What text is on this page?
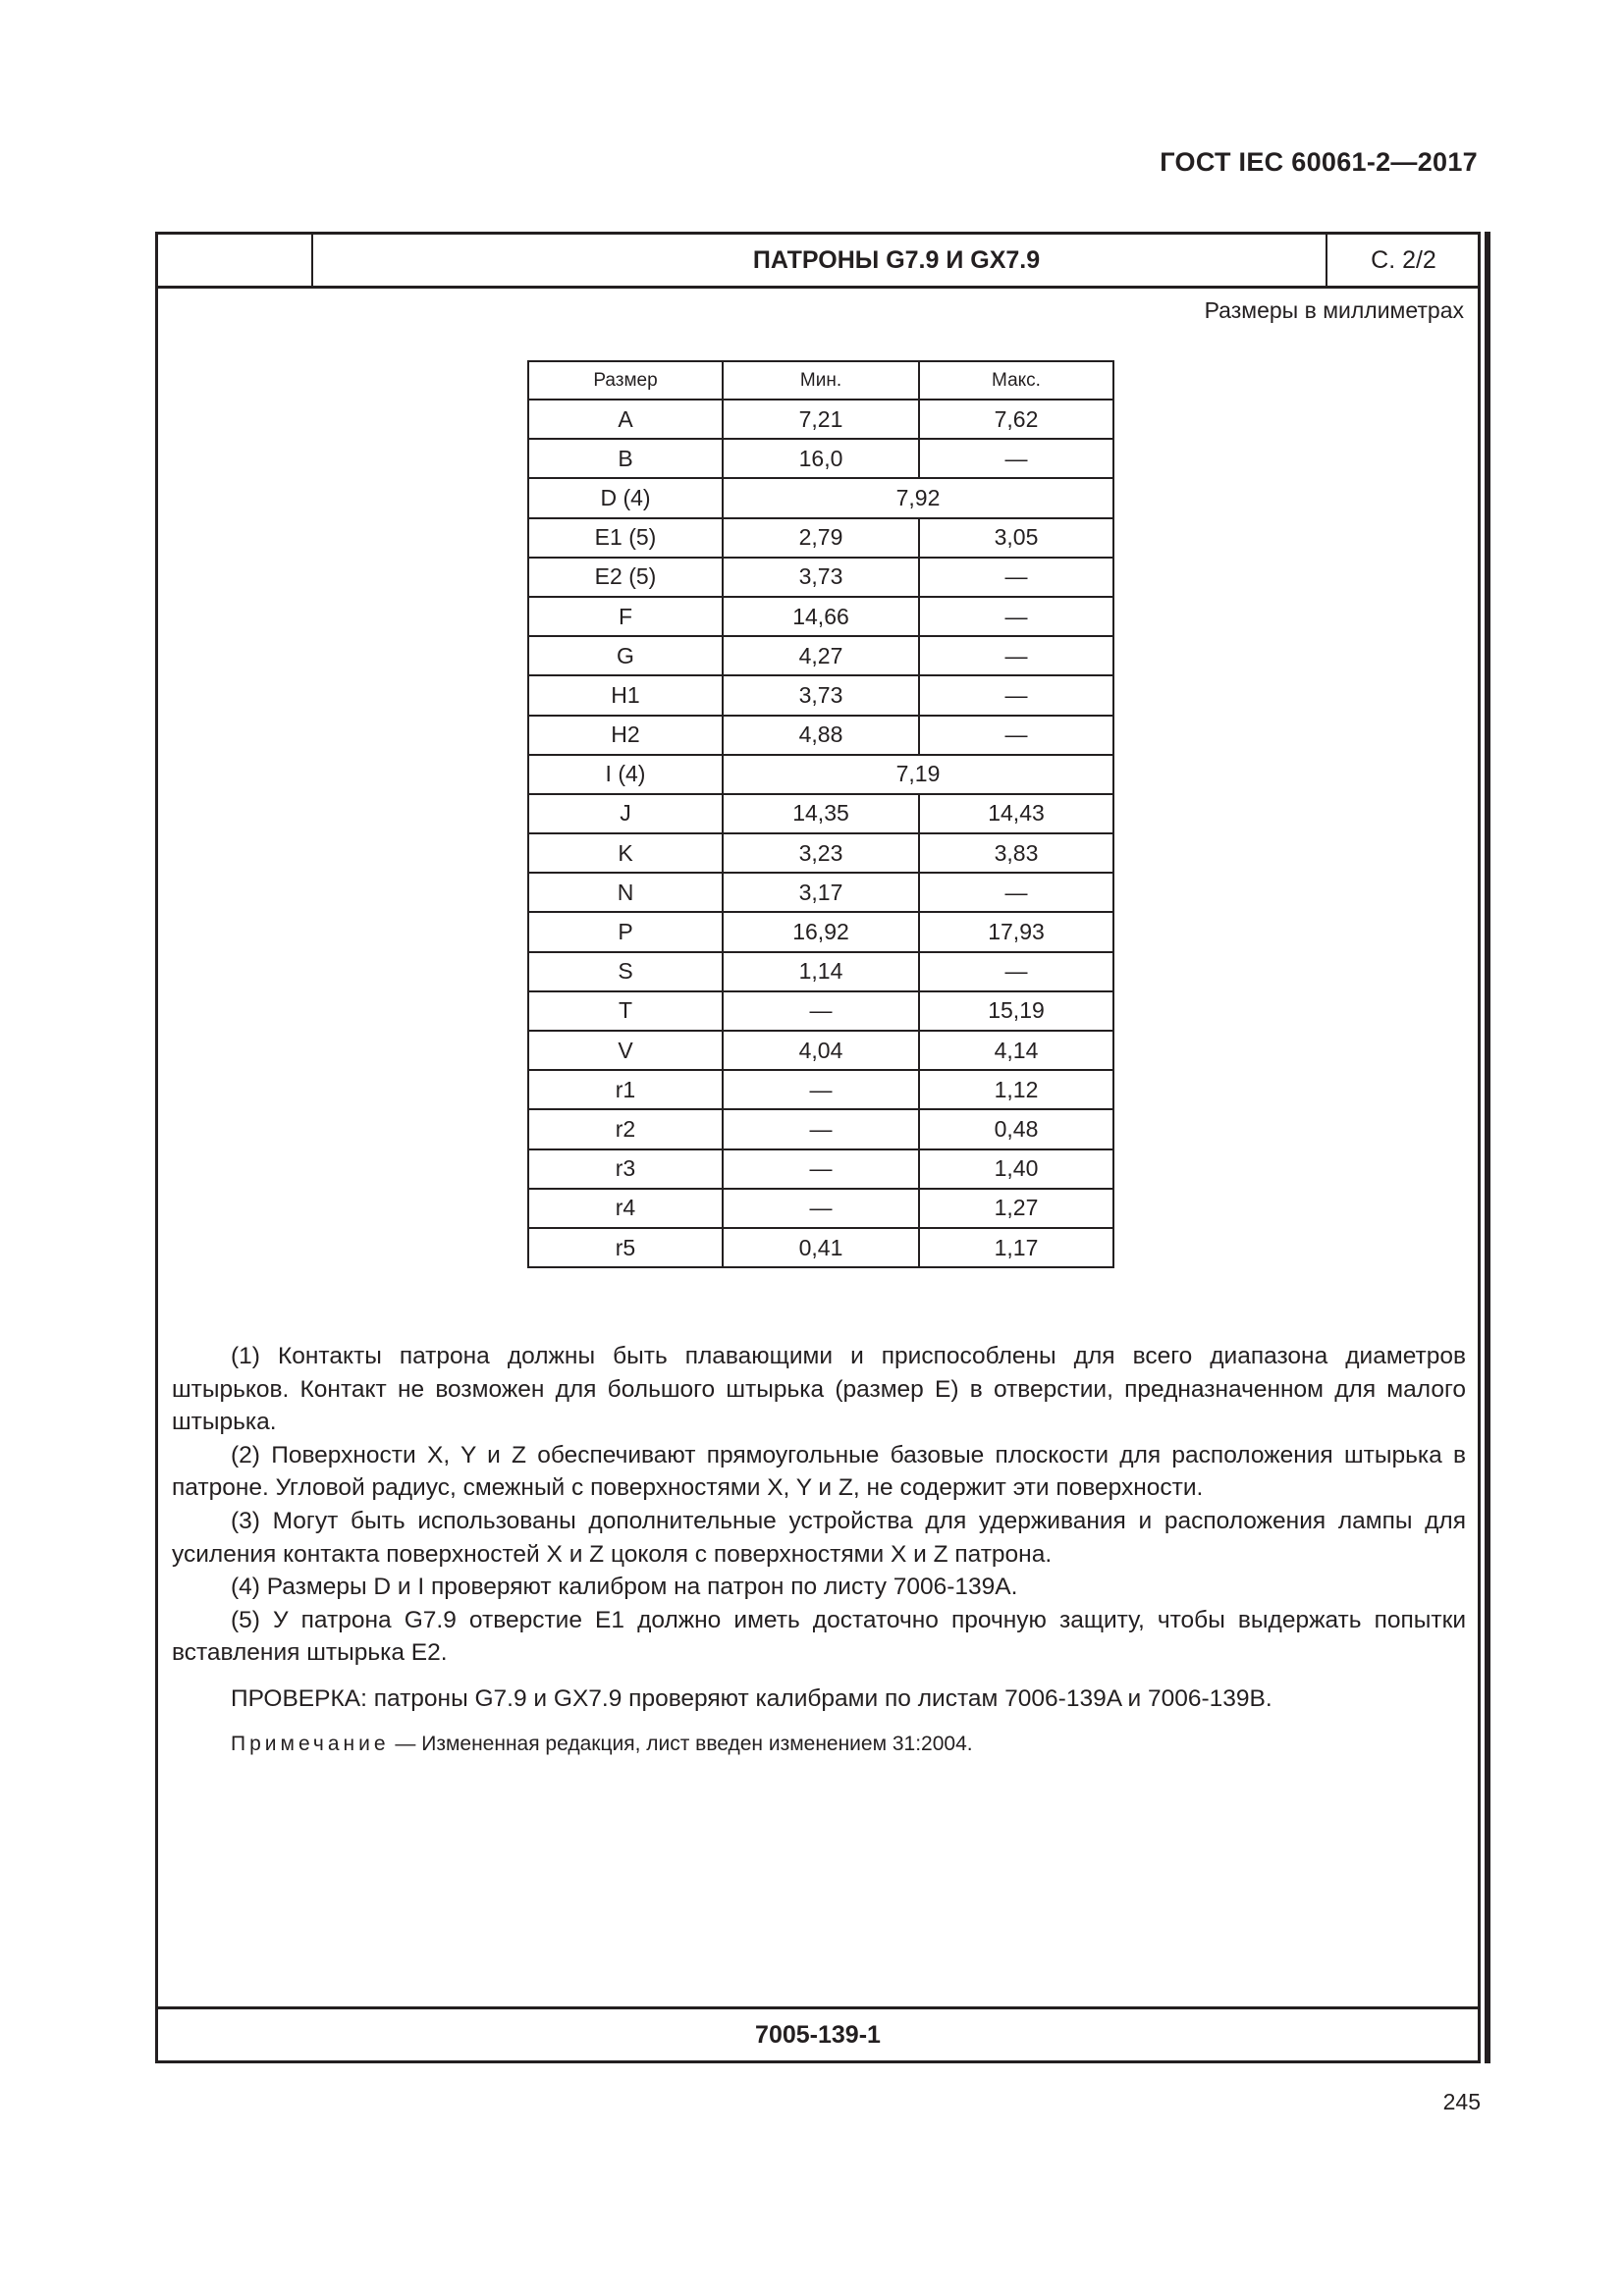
ГОСТ IEC 60061-2—2017
ПАТРОНЫ G7.9 И GX7.9	С. 2/2
Размеры в миллиметрах
Размер	Мин.	Макс.
A	7,21	7,62
B	16,0	—
D (4)	7,92	
E1 (5)	2,79	3,05
E2 (5)	3,73	—
F	14,66	—
G	4,27	—
H1	3,73	—
H2	4,88	—
I (4)	7,19	
J	14,35	14,43
K	3,23	3,83
N	3,17	—
P	16,92	17,93
S	1,14	—
T	—	15,19
V	4,04	4,14
r1	—	1,12
r2	—	0,48
r3	—	1,40
r4	—	1,27
r5	0,41	1,17

(1) Контакты патрона должны быть плавающими и приспособлены для всего диапазона диаметров штырьков. Контакт не возможен для большого штырька (размер E) в отверстии, предназначенном для малого штырька.

(2) Поверхности X, Y и Z обеспечивают прямоугольные базовые плоскости для расположения штырька в патроне. Угловой радиус, смежный с поверхностями X, Y и Z, не содержит эти поверхности.

(3) Могут быть использованы дополнительные устройства для удерживания и расположения лампы для усиления контакта поверхностей X и Z цоколя с поверхностями X и Z патрона.

(4) Размеры D и I проверяют калибром на патрон по листу 7006-139A.

(5) У патрона G7.9 отверстие E1 должно иметь достаточно прочную защиту, чтобы выдержать попытки вставления штырька E2.

ПРОВЕРКА: патроны G7.9 и GX7.9 проверяют калибрами по листам 7006-139A и 7006-139B.

Примечание — Измененная редакция, лист введен изменением 31:2004.

7005-139-1
245
